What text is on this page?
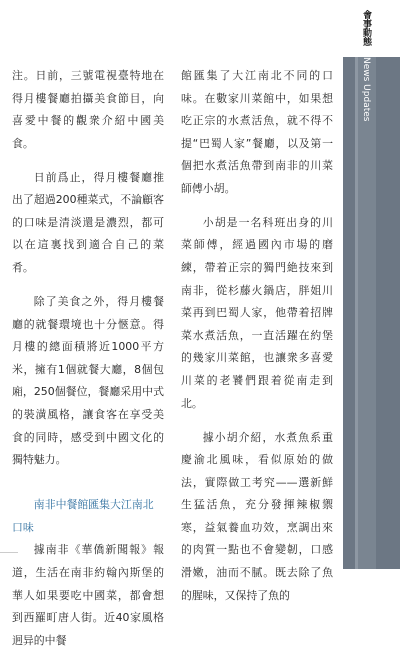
會事動態
News Updates

注。日前，三號電視臺特地在得月樓餐廳拍攝美食節目，向喜愛中餐的觀衆介紹中國美食。

日前爲止，得月樓餐廳推出了超過200種菜式，不論顧客的口味是清淡還是濃烈，都可以在這裏找到適合自己的菜肴。

除了美食之外，得月樓餐廳的就餐環境也十分愜意。得月樓的總面積將近1000平方米，擁有1個就餐大廳，8個包廂，250個餐位，餐廳采用中式的裝潢風格，讓食客在享受美食的同時，感受到中國文化的獨特魅力。

南非中餐館匯集大江南北口味

據南非《華僑新聞報》報道，生活在南非約翰內斯堡的華人如果要吃中國菜，都會想到西羅町唐人街。近40家風格迥异的中餐

館匯集了大江南北不同的口味。在數家川菜館中，如果想吃正宗的水煮活魚，就不得不提“巴蜀人家”餐廳，以及第一個把水煮活魚帶到南非的川菜師傅小胡。

小胡是一名科班出身的川菜師傅，經過國內市場的磨練，帶着正宗的獨門絶技來到南非，從杉藤火鍋店，胖姐川菜再到巴蜀人家，他帶着招牌菜水煮活魚，一直活躍在約堡的幾家川菜館，也讓衆多喜愛川菜的老饕們跟着從南走到北。

據小胡介紹，水煮魚系重慶渝北風味，看似原始的做法，實際做工考究——選新鮮生猛活魚，充分發揮辣椒禦寒，益氣養血功效，烹調出來的肉質一點也不會變韌，口感滑嫩，油而不膩。既去除了魚的腥味，又保持了魚的
